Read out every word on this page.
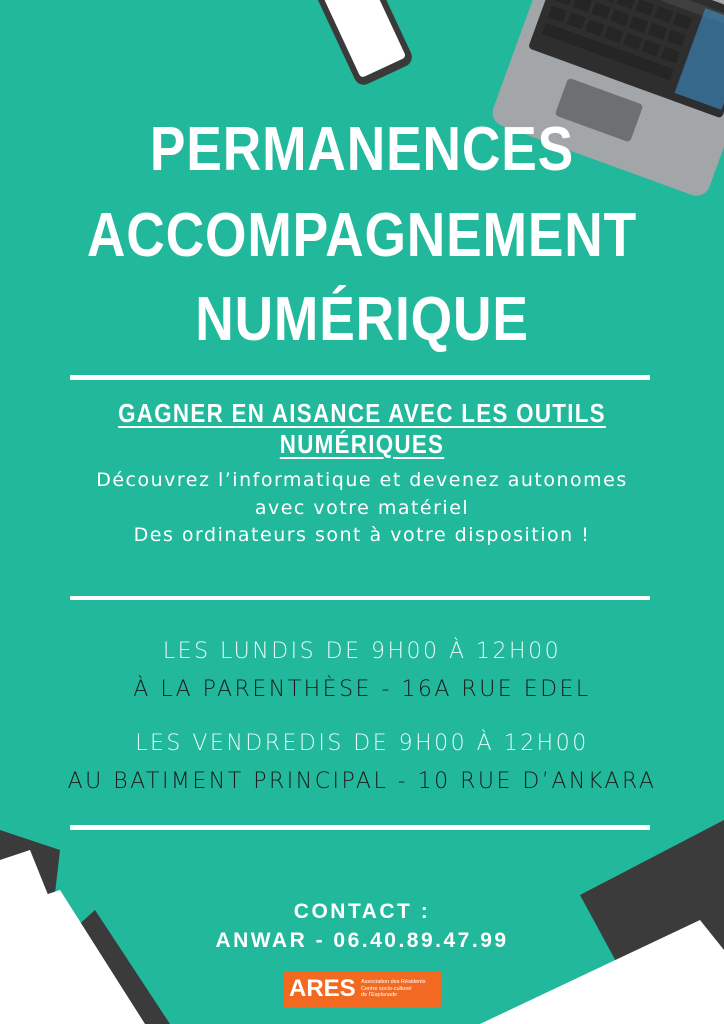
PERMANENCES
ACCOMPAGNEMENT
NUMÉRIQUE
GAGNER EN AISANCE AVEC LES OUTILS NUMÉRIQUES
Découvrez l’informatique et devenez autonomes
avec votre matériel
Des ordinateurs sont à votre disposition !
LES LUNDIS DE 9H00 À 12H00
À LA PARENTHÈSE - 16A RUE EDEL
LES VENDREDIS DE 9H00 À 12H00
AU BATIMENT PRINCIPAL - 10 RUE D’ANKARA
CONTACT :
ANWAR - 06.40.89.47.99
ARES Association des Résidents
Centre socio-culturel
de l’Esplanade
